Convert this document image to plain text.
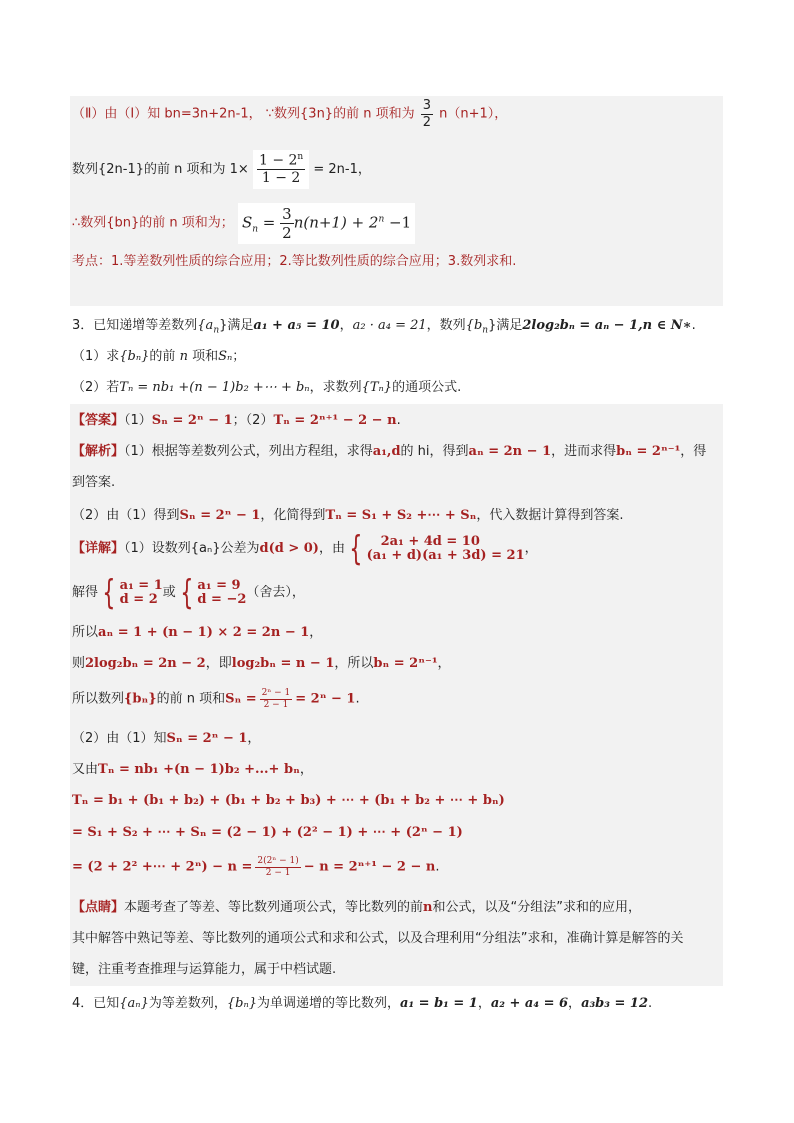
（Ⅱ）由（Ⅰ）知 bn=3n+2n-1， ∵数列{3n}的前 n 项和为 $\frac{3}{2} n(n+1)$，
数列{2n-1}的前 n 项和为 $1\times \frac{1 - 2^n}{1 - 2} = 2n-1$，
∴数列{bn}的前 n 项和为； $S_n = \frac{3}{2} n(n+1) + 2^n -1$
考点：1.等差数列性质的综合应用；2.等比数列性质的综合应用；3.数列求和.
3．已知递增等差数列$\{a_n\}$满足a₁ + a₅ = 10，a₂ · a₄ = 21，数列$\{b_n\}$满足2log₂bₙ = aₙ − 1,n ∈ N∗.
（1）求{bₙ}的前 n 项和Sₙ；
（2）若Tₙ = nb₁ +(n − 1)b₂ +⋯ + bₙ，求数列{Tₙ}的通项公式.
【答案】（1）Sₙ = 2ⁿ − 1；（2）Tₙ = 2ⁿ⁺¹ − 2 − n.
【解析】（1）根据等差数列公式，列出方程组，求得a₁,d的 hi，得到aₙ = 2n − 1，进而求得bₙ = 2ⁿ⁻¹，得
到答案.
（2）由（1）得到Sₙ = 2ⁿ − 1，化简得到Tₙ = S₁ + S₂ +⋯ + Sₙ，代入数据计算得到答案.
【详解】（1）设数列{aₙ}公差为d(d > 0)，由 {	2a₁ + 4d = 10
(a₁ + d)(a₁ + 3d) = 21 ，
解得 { a₁ = 1
d = 2 或 { a₁ = 9
d = −2 （舍去），
所以aₙ = 1 + (n − 1) × 2 = 2n − 1，
则2log₂bₙ = 2n − 2，即log₂bₙ = n − 1，所以bₙ = 2ⁿ⁻¹，
所以数列{bₙ}的前 n 项和$S_n = \frac{\text{2ⁿ − 1}}{2 - 1} = 2^n - 1$.
（2）由（1）知Sₙ = 2ⁿ − 1，
又由Tₙ = nb₁ +(n − 1)b₂ +...+ bₙ，
Tₙ = b₁ + (b₁ + b₂) + (b₁ + b₂ + b₃) + ⋯ + (b₁ + b₂ + ⋯ + bₙ)
= S₁ + S₂ + ⋯ + Sₙ = (2 − 1) + (2² − 1) + ⋯ + (2ⁿ − 1)
= (2 + 2² +⋯ + $2^n) - n = \frac{\text{2(2ⁿ − 1)}}{2 - 1} - n = 2^{n+1} - 2 - n$.
【点睛】本题考查了等差、等比数列通项公式，等比数列的前n和公式，以及“分组法”求和的应用，
其中解答中熟记等差、等比数列的通项公式和求和公式，以及合理利用“分组法”求和，准确计算是解答的关
键，注重考查推理与运算能力，属于中档试题.
4．已知{aₙ}为等差数列，{bₙ}为单调递增的等比数列，a₁ = b₁ = 1，a₂ + a₄ = 6，a₃b₃ = 12.
